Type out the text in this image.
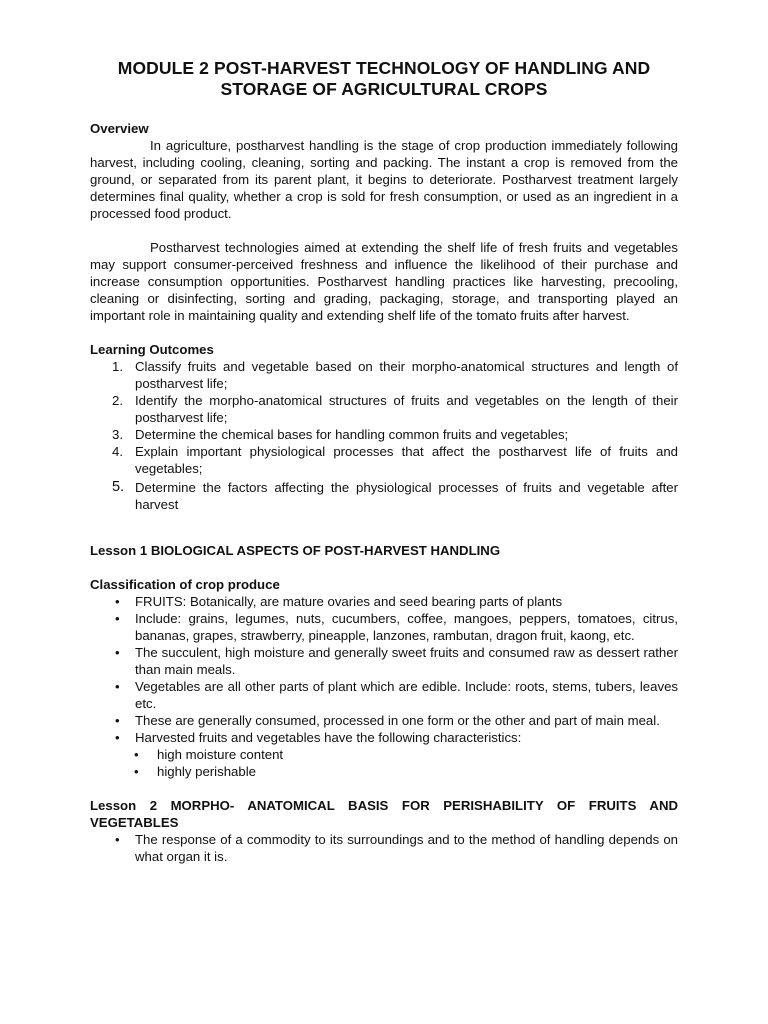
MODULE 2 POST-HARVEST TECHNOLOGY OF HANDLING AND STORAGE OF AGRICULTURAL CROPS
Overview

In agriculture, postharvest handling is the stage of crop production immediately following harvest, including cooling, cleaning, sorting and packing. The instant a crop is removed from the ground, or separated from its parent plant, it begins to deteriorate. Postharvest treatment largely determines final quality, whether a crop is sold for fresh consumption, or used as an ingredient in a processed food product.

Postharvest technologies aimed at extending the shelf life of fresh fruits and vegetables may support consumer-perceived freshness and influence the likelihood of their purchase and increase consumption opportunities. Postharvest handling practices like harvesting, precooling, cleaning or disinfecting, sorting and grading, packaging, storage, and transporting played an important role in maintaining quality and extending shelf life of the tomato fruits after harvest.

Learning Outcomes
1. Classify fruits and vegetable based on their morpho-anatomical structures and length of postharvest life;
2. Identify the morpho-anatomical structures of fruits and vegetables on the length of their postharvest life;
3. Determine the chemical bases for handling common fruits and vegetables;
4. Explain important physiological processes that affect the postharvest life of fruits and vegetables;
5. Determine the factors affecting the physiological processes of fruits and vegetable after harvest
Lesson 1 BIOLOGICAL ASPECTS OF POST-HARVEST HANDLING
Classification of crop produce
• FRUITS: Botanically, are mature ovaries and seed bearing parts of plants
• Include: grains, legumes, nuts, cucumbers, coffee, mangoes, peppers, tomatoes, citrus, bananas, grapes, strawberry, pineapple, lanzones, rambutan, dragon fruit, kaong, etc.
• The succulent, high moisture and generally sweet fruits and consumed raw as dessert rather than main meals.
• Vegetables are all other parts of plant which are edible. Include: roots, stems, tubers, leaves etc.
• These are generally consumed, processed in one form or the other and part of main meal.
• Harvested fruits and vegetables have the following characteristics:
• high moisture content
• highly perishable
Lesson 2 MORPHO- ANATOMICAL BASIS FOR PERISHABILITY OF FRUITS AND VEGETABLES
• The response of a commodity to its surroundings and to the method of handling depends on what organ it is.
